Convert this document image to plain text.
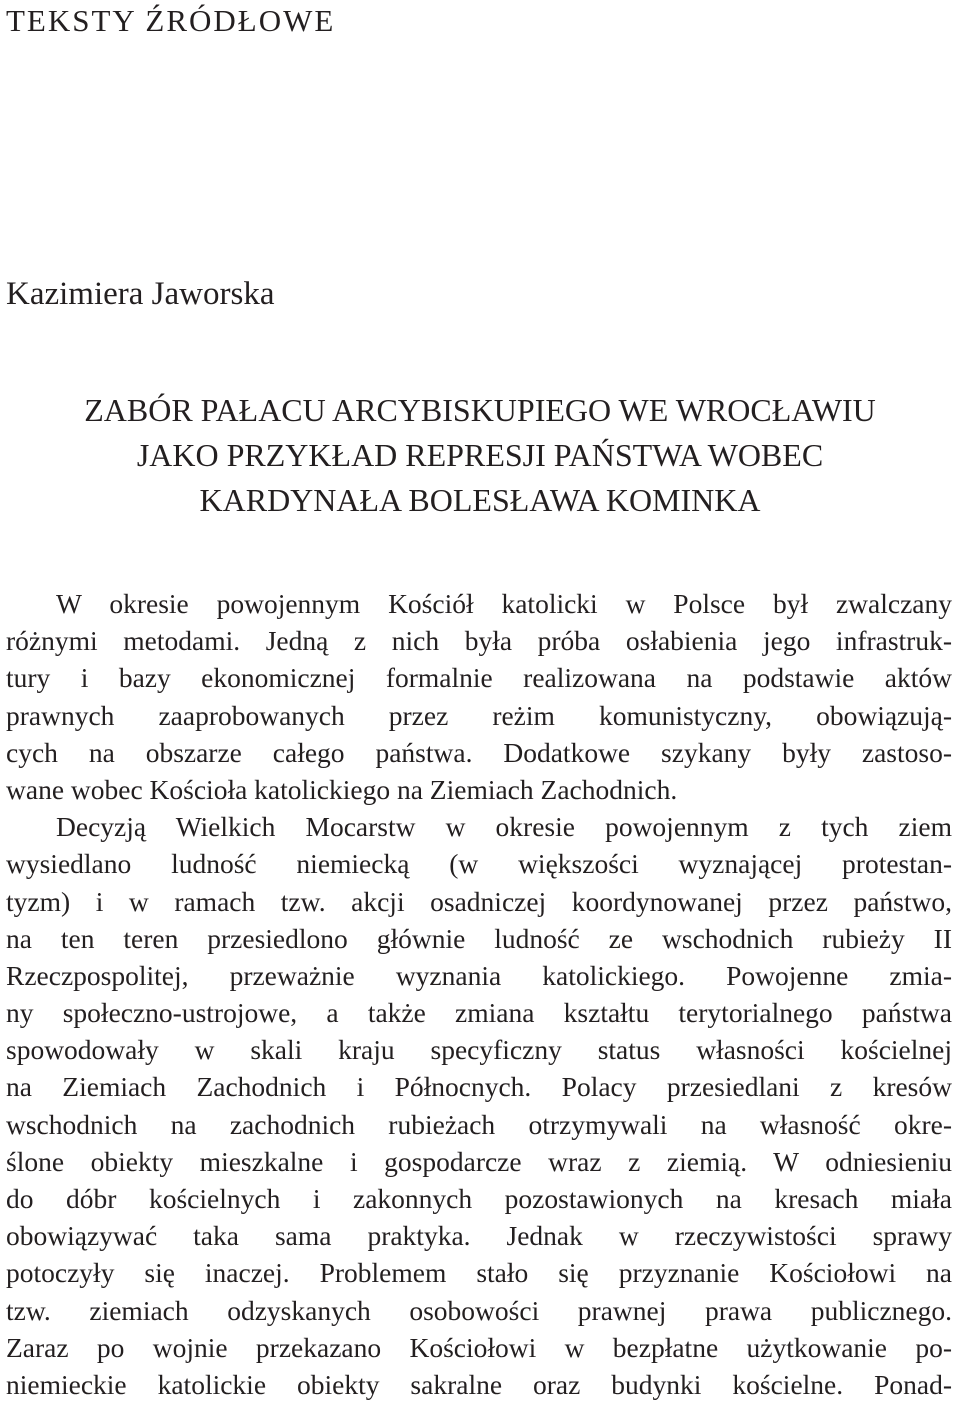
TEKSTY ŹRÓDŁOWE
Kazimiera Jaworska
ZABÓR PAŁACU ARCYBISKUPIEGO WE WROCŁAWIU
JAKO PRZYKŁAD REPRESJI PAŃSTWA WOBEC
KARDYNAŁA BOLESŁAWA KOMINKA
W okresie powojennym Kościół katolicki w Polsce był zwalczany
różnymi metodami. Jedną z nich była próba osłabienia jego infrastruk-
tury i bazy ekonomicznej formalnie realizowana na podstawie aktów
prawnych zaaprobowanych przez reżim komunistyczny, obowiązują-
cych na obszarze całego państwa. Dodatkowe szykany były zastoso-
wane wobec Kościoła katolickiego na Ziemiach Zachodnich.
Decyzją Wielkich Mocarstw w okresie powojennym z tych ziem
wysiedlano ludność niemiecką (w większości wyznającej protestan-
tyzm) i w ramach tzw. akcji osadniczej koordynowanej przez państwo,
na ten teren przesiedlono głównie ludność ze wschodnich rubieży II
Rzeczpospolitej, przeważnie wyznania katolickiego. Powojenne zmia-
ny społeczno-ustrojowe, a także zmiana kształtu terytorialnego państwa
spowodowały w skali kraju specyficzny status własności kościelnej
na Ziemiach Zachodnich i Północnych. Polacy przesiedlani z kresów
wschodnich na zachodnich rubieżach otrzymywali na własność okre-
ślone obiekty mieszkalne i gospodarcze wraz z ziemią. W odniesieniu
do dóbr kościelnych i zakonnych pozostawionych na kresach miała
obowiązywać taka sama praktyka. Jednak w rzeczywistości sprawy
potoczyły się inaczej. Problemem stało się przyznanie Kościołowi na
tzw. ziemiach odzyskanych osobowości prawnej prawa publicznego.
Zaraz po wojnie przekazano Kościołowi w bezpłatne użytkowanie po-
niemieckie katolickie obiekty sakralne oraz budynki kościelne. Ponad-
